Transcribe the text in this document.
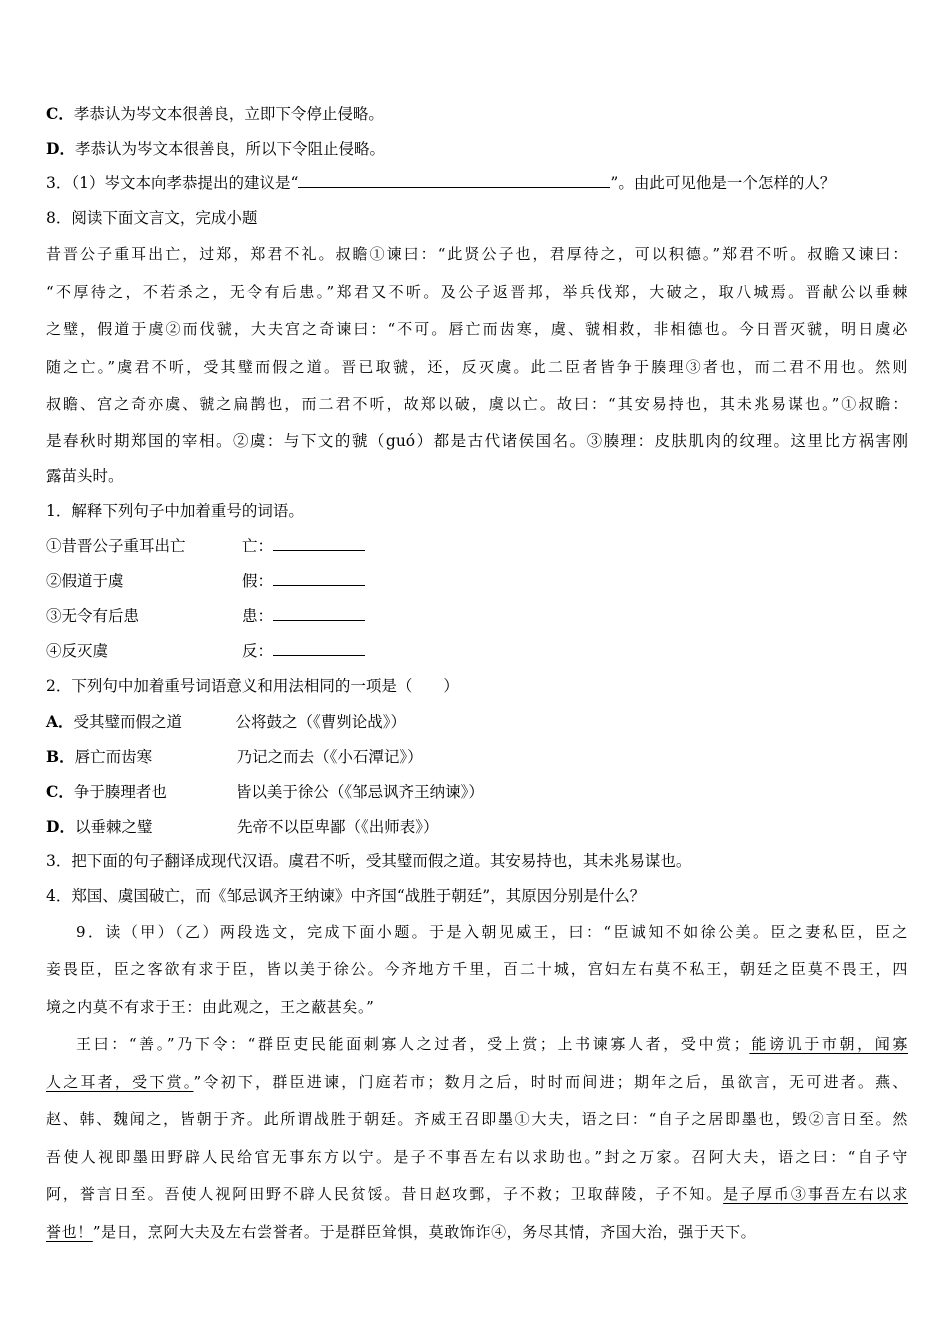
C．孝恭认为岑文本很善良，立即下令停止侵略。
D．孝恭认为岑文本很善良，所以下令阻止侵略。
3．（1）岑文本向孝恭提出的建议是“	”。由此可见他是一个怎样的人？
8．阅读下面文言文，完成小题
昔晋公子重耳出亡，过郑，郑君不礼。叔瞻①谏曰：“此贤公子也，君厚待之，可以积德。”郑君不听。叔瞻又谏曰：
“不厚待之，不若杀之，无令有后患。”郑君又不听。及公子返晋邦，举兵伐郑，大破之，取八城焉。晋献公以垂棘
之璧，假道于虞②而伐虢，大夫宫之奇谏曰：“不可。唇亡而齿寒，虞、虢相救，非相德也。今日晋灭虢，明日虞必
随之亡。”虞君不听，受其璧而假之道。晋已取虢，还，反灭虞。此二臣者皆争于腠理③者也，而二君不用也。然则
叔瞻、宫之奇亦虞、虢之扁鹊也，而二君不听，故郑以破，虞以亡。故曰：“其安易持也，其未兆易谋也。”①叔瞻：
是春秋时期郑国的宰相。②虞：与下文的虢（guó）都是古代诸侯国名。③腠理：皮肤肌肉的纹理。这里比方祸害刚
露苗头时。
1．解释下列句子中加着重号的词语。
①昔晋公子重耳出亡	亡：
②假道于虞	假：
③无令有后患	患：
④反灭虞	反：
2．下列句中加着重号词语意义和用法相同的一项是（　　）
A．受其璧而假之道	公将鼓之（《曹刿论战》）
B．唇亡而齿寒	乃记之而去（《小石潭记》）
C．争于腠理者也	皆以美于徐公（《邹忌讽齐王纳谏》）
D．以垂棘之璧	先帝不以臣卑鄙（《出师表》）
3．把下面的句子翻译成现代汉语。虞君不听，受其璧而假之道。其安易持也，其未兆易谋也。
4．郑国、虞国破亡，而《邹忌讽齐王纳谏》中齐国“战胜于朝廷”，其原因分别是什么？
9．读（甲）（乙）两段选文，完成下面小题。于是入朝见威王，曰：“臣诚知不如徐公美。臣之妻私臣，臣之
妾畏臣，臣之客欲有求于臣，皆以美于徐公。今齐地方千里，百二十城，宫妇左右莫不私王，朝廷之臣莫不畏王，四
境之内莫不有求于王：由此观之，王之蔽甚矣。”
王曰：“善。”乃下令：“群臣吏民能面刺寡人之过者，受上赏；上书谏寡人者，受中赏；能谤讥于市朝，闻寡
人之耳者，受下赏。”令初下，群臣进谏，门庭若市；数月之后，时时而间进；期年之后，虽欲言，无可进者。燕、
赵、韩、魏闻之，皆朝于齐。此所谓战胜于朝廷。齐威王召即墨①大夫，语之曰：“自子之居即墨也，毁②言日至。然
吾使人视即墨田野辟人民给官无事东方以宁。是子不事吾左右以求助也。”封之万家。召阿大夫，语之曰：“自子守
阿，誉言日至。吾使人视阿田野不辟人民贫馁。昔日赵攻鄄，子不救；卫取薛陵，子不知。是子厚币③事吾左右以求
誉也！”是日，烹阿大夫及左右尝誉者。于是群臣耸惧，莫敢饰诈④，务尽其情，齐国大治，强于天下。
